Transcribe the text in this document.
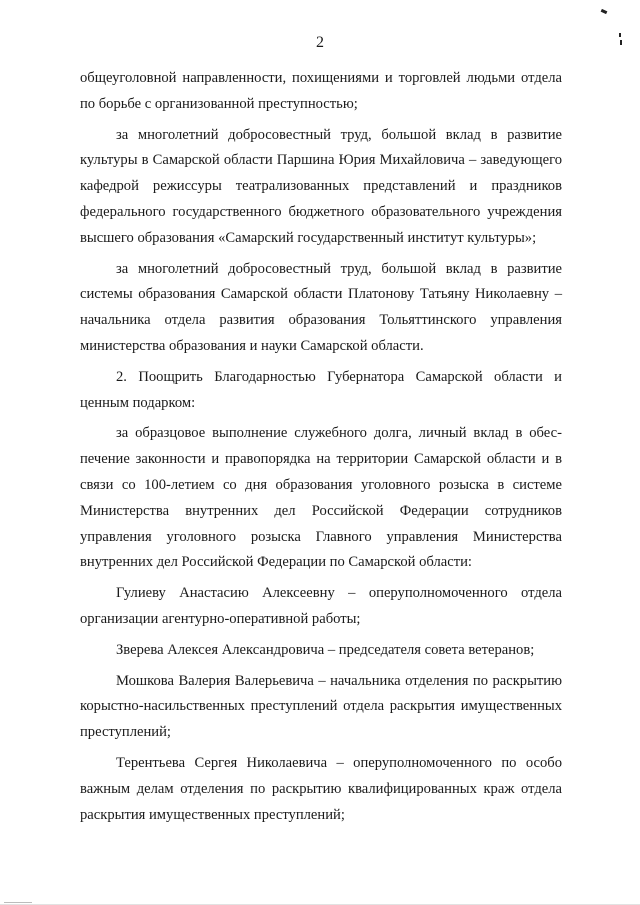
2

общеуголовной направленности, похищениями и торговлей людьми отдела по борьбе с организованной преступностью;

за многолетний добросовестный труд, большой вклад в развитие культуры в Самарской области Паршина Юрия Михайловича – заведующего кафедрой режиссуры театрализованных представлений и праздников федерального государственного бюджетного образовательного учреждения высшего образования «Самарский государственный институт культуры»;

за многолетний добросовестный труд, большой вклад в развитие системы образования Самарской области Платонову Татьяну Николаевну – начальника отдела развития образования Тольяттинского управления министерства образования и науки Самарской области.

2. Поощрить Благодарностью Губернатора Самарской области и ценным подарком:

за образцовое выполнение служебного долга, личный вклад в обеспечение законности и правопорядка на территории Самарской области и в связи со 100-летием со дня образования уголовного розыска в системе Министерства внутренних дел Российской Федерации сотрудников управления уголовного розыска Главного управления Министерства внутренних дел Российской Федерации по Самарской области:

Гулиеву Анастасию Алексеевну – оперуполномоченного отдела организации агентурно-оперативной работы;

Зверева Алексея Александровича – председателя совета ветеранов;

Мошкова Валерия Валерьевича – начальника отделения по раскрытию корыстно-насильственных преступлений отдела раскрытия имущественных преступлений;

Терентьева Сергея Николаевича – оперуполномоченного по особо важным делам отделения по раскрытию квалифицированных краж отдела раскрытия имущественных преступлений;
